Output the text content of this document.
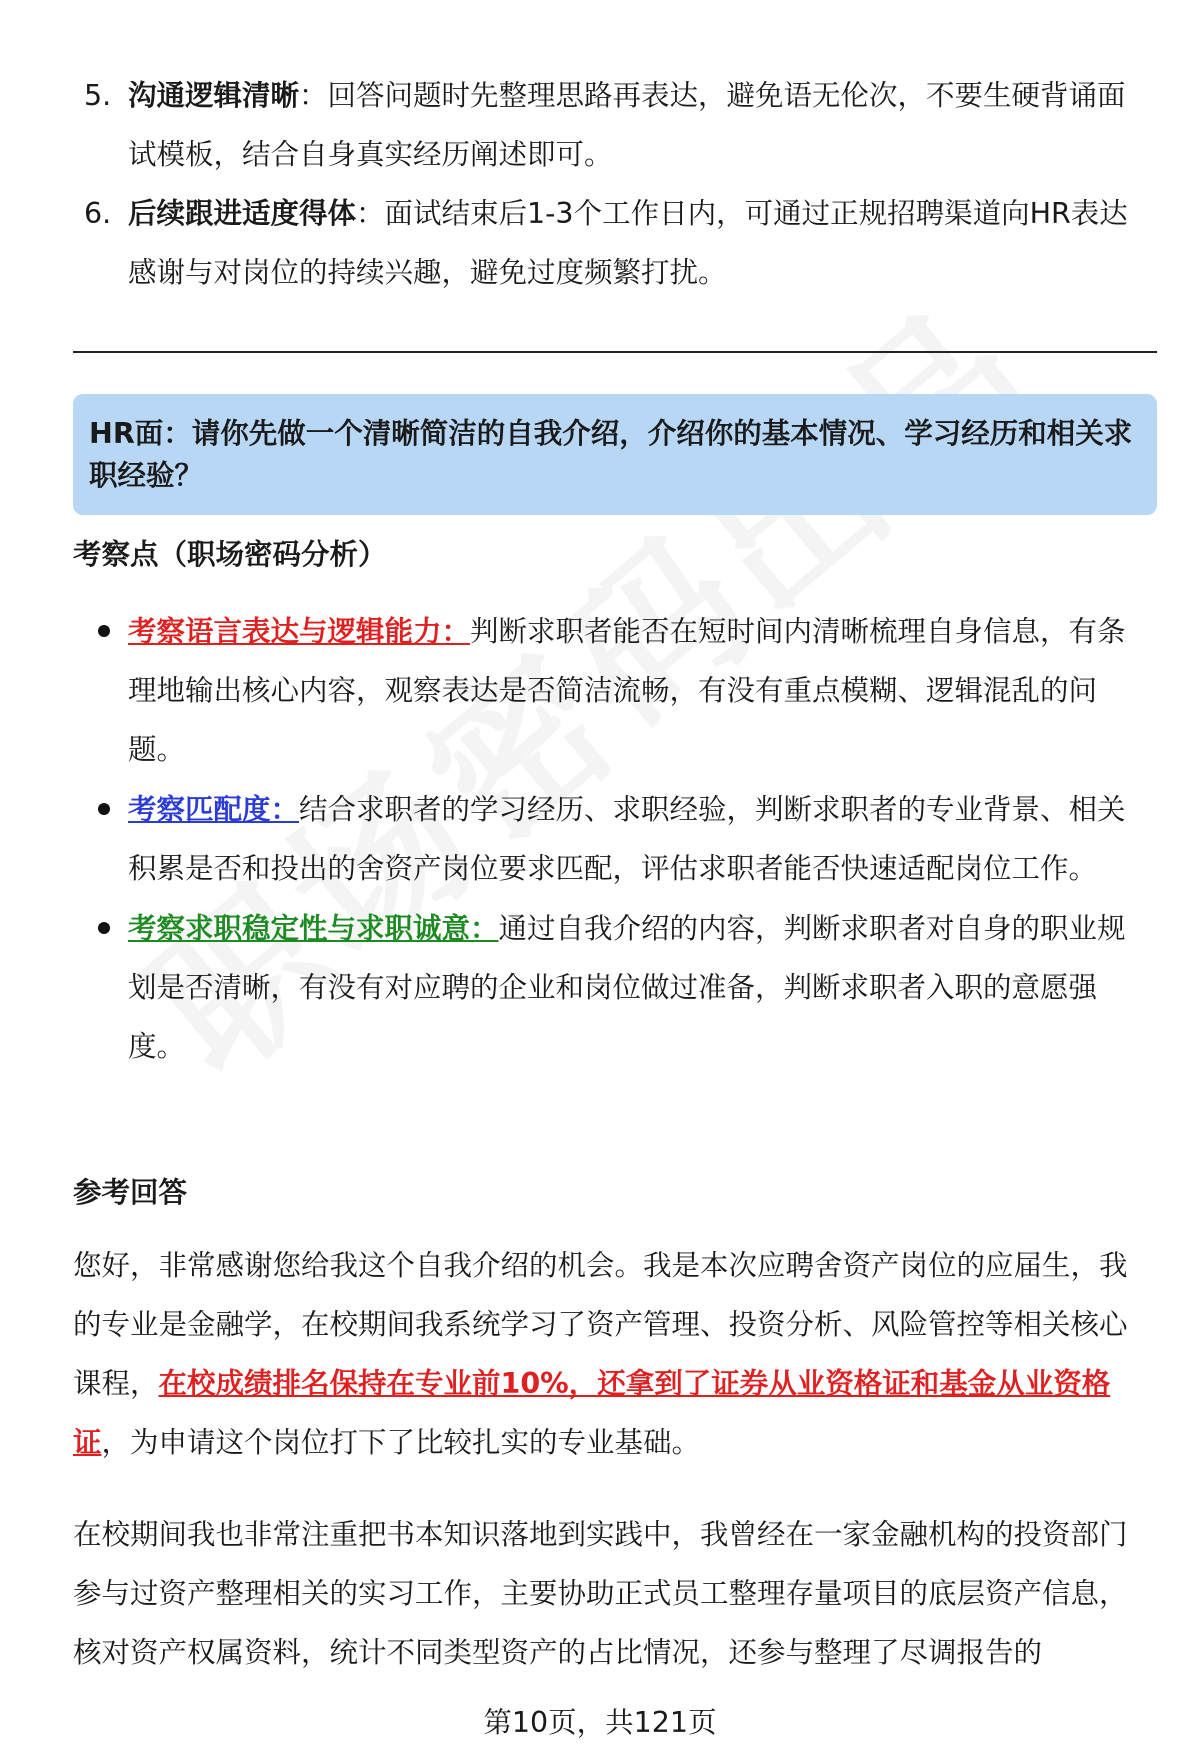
5. 沟通逻辑清晰：回答问题时先整理思路再表达，避免语无伦次，不要生硬背诵面试模板，结合自身真实经历阐述即可。
6. 后续跟进适度得体：面试结束后1-3个工作日内，可通过正规招聘渠道向HR表达感谢与对岗位的持续兴趣，避免过度频繁打扰。
HR面：请你先做一个清晰简洁的自我介绍，介绍你的基本情况、学习经历和相关求职经验？
考察点（职场密码分析）
考察语言表达与逻辑能力：判断求职者能否在短时间内清晰梳理自身信息，有条理地输出核心内容，观察表达是否简洁流畅，有没有重点模糊、逻辑混乱的问题。
考察匹配度：结合求职者的学习经历、求职经验，判断求职者的专业背景、相关积累是否和投出的舍资产岗位要求匹配，评估求职者能否快速适配岗位工作。
考察求职稳定性与求职诚意：通过自我介绍的内容，判断求职者对自身的职业规划是否清晰，有没有对应聘的企业和岗位做过准备，判断求职者入职的意愿强度。
参考回答

您好，非常感谢您给我这个自我介绍的机会。我是本次应聘舍资产岗位的应届生，我的专业是金融学，在校期间我系统学习了资产管理、投资分析、风险管控等相关核心课程，在校成绩排名保持在专业前10%，还拿到了证券从业资格证和基金从业资格证，为申请这个岗位打下了比较扎实的专业基础。

在校期间我也非常注重把书本知识落地到实践中，我曾经在一家金融机构的投资部门参与过资产整理相关的实习工作，主要协助正式员工整理存量项目的底层资产信息，核对资产权属资料，统计不同类型资产的占比情况，还参与整理了尽调报告的

第10页，共121页
